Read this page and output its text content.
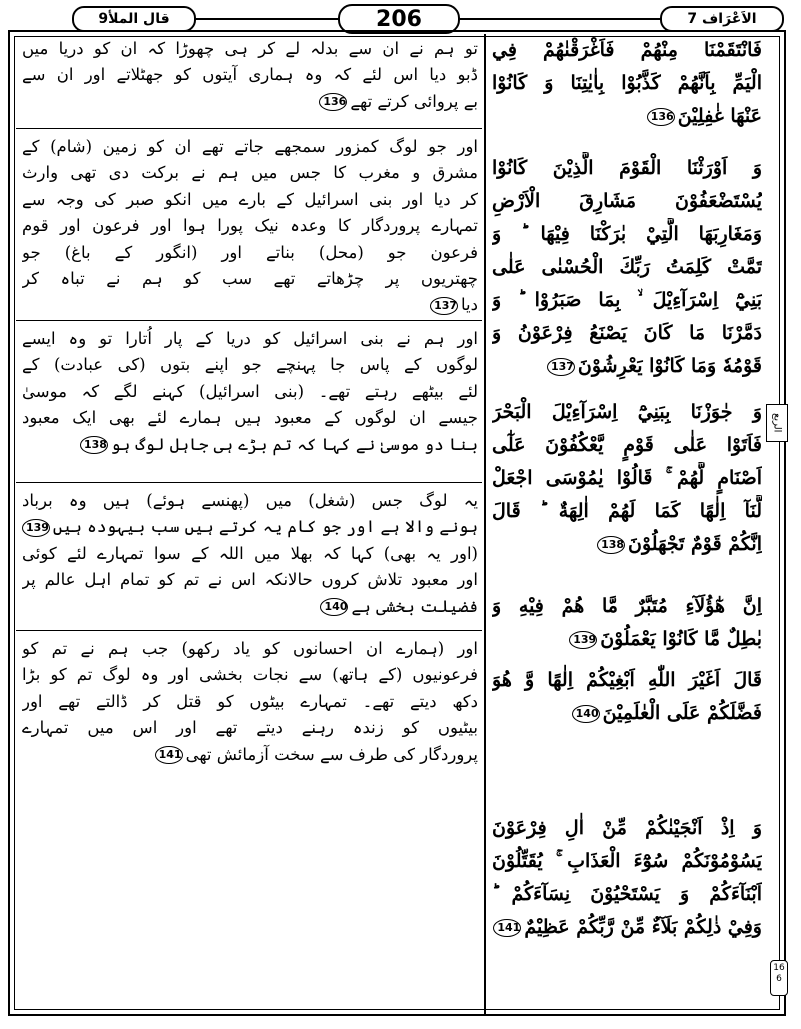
قال الملأ9	206	الاَعْرَاف 7
فَانْتَقَمْنَا مِنْهُمْ فَاَغْرَقْنٰهُمْ فِي
الْيَمِّ بِاَنَّهُمْ كَذَّبُوْا بِاٰيٰتِنَا وَ كَانُوْا
عَنْهَا غٰفِلِيْنَ136
وَ اَوْرَثْنَا الْقَوْمَ الَّذِيْنَ كَانُوْا
يُسْتَضْعَفُوْنَ مَشَارِقَ الْاَرْضِ
وَمَغَارِبَهَا الَّتِيْ بٰرَكْنَا فِيْهَا ؕ وَ
تَمَّتْ كَلِمَتُ رَبِّكَ الْحُسْنٰى عَلٰى
بَنِيْٓ اِسْرَآءِيْلَ ۙ بِمَا صَبَرُوْا ؕ وَ
دَمَّرْنَا مَا كَانَ يَصْنَعُ فِرْعَوْنُ وَ
قَوْمُهٗ وَمَا كَانُوْا يَعْرِشُوْنَ137
وَ جٰوَزْنَا بِبَنِيْٓ اِسْرَآءِيْلَ الْبَحْرَ
فَاَتَوْا عَلٰى قَوْمٍ يَّعْكُفُوْنَ عَلٰٓى
اَصْنَامٍ لَّهُمْ ۚ قَالُوْا يٰمُوْسَى اجْعَلْ
لَّنَآ اِلٰهًا كَمَا لَهُمْ اٰلِهَةٌ ؕ قَالَ
اِنَّكُمْ قَوْمٌ تَجْهَلُوْنَ138
اِنَّ هٰٓؤُلَآءِ مُتَبَّرٌ مَّا هُمْ فِيْهِ وَ
بٰطِلٌ مَّا كَانُوْا يَعْمَلُوْنَ139
قَالَ اَغَيْرَ اللّٰهِ اَبْغِيْكُمْ اِلٰهًا وَّ هُوَ
فَضَّلَكُمْ عَلَى الْعٰلَمِيْنَ140
وَ اِذْ اَنْجَيْنٰكُمْ مِّنْ اٰلِ فِرْعَوْنَ
يَسُوْمُوْنَكُمْ سُوْٓءَ الْعَذَابِ ۚ يُقَتِّلُوْنَ
اَبْنَآءَكُمْ وَ يَسْتَحْيُوْنَ نِسَآءَكُمْ ؕ
وَفِيْ ذٰلِكُمْ بَلَآءٌ مِّنْ رَّبِّكُمْ عَظِيْمٌ141
تو ہم نے ان سے بدلہ لے کر ہی چھوڑا کہ ان کو دریا میں
ڈبو دیا اس لئے کہ وہ ہماری آیتوں کو جھٹلاتے اور ان سے
بے پروائی کرتے تھے136
اور جو لوگ کمزور سمجھے جاتے تھے ان کو زمین (شام) کے
مشرق و مغرب کا جس میں ہم نے برکت دی تھی وارث
کر دیا اور بنی اسرائیل کے بارے میں انکو صبر کی وجہ سے
تمہارے پروردگار کا وعدہ نیک پورا ہوا اور فرعون اور قوم
فرعون جو (محل) بناتے اور (انگور کے باغ) جو
چھتریوں پر چڑھاتے تھے سب کو ہم نے تباہ کر
دیا137
اور ہم نے بنی اسرائیل کو دریا کے پار اُتارا تو وہ ایسے
لوگوں کے پاس جا پہنچے جو اپنے بتوں (کی عبادت) کے
لئے بیٹھے رہتے تھے۔ (بنی اسرائیل) کہنے لگے کہ موسیٰ
جیسے ان لوگوں کے معبود ہیں ہمارے لئے بھی ایک معبود
بنا دو موسیٰ نے کہا کہ تم بڑے ہی جاہل لوگ ہو138
یہ لوگ جس (شغل) میں (پھنسے ہوئے) ہیں وہ برباد
ہونے والا ہے اور جو کام یہ کرتے ہیں سب بیہودہ ہیں139
(اور یہ بھی) کہا کہ بھلا میں اللہ کے سوا تمہارے لئے کوئی
اور معبود تلاش کروں حالانکہ اس نے تم کو تمام اہل عالم پر
فضیلت بخشی ہے140
اور (ہمارے ان احسانوں کو یاد رکھو) جب ہم نے تم کو
فرعونیوں (کے ہاتھ) سے نجات بخشی اور وہ لوگ تم کو بڑا
دکھ دیتے تھے۔ تمہارے بیٹوں کو قتل کر ڈالتے تھے اور
بیٹیوں کو زندہ رہنے دیتے تھے اور اس میں تمہارے
پروردگار کی طرف سے سخت آزمائش تھی141
الربع
16
6
